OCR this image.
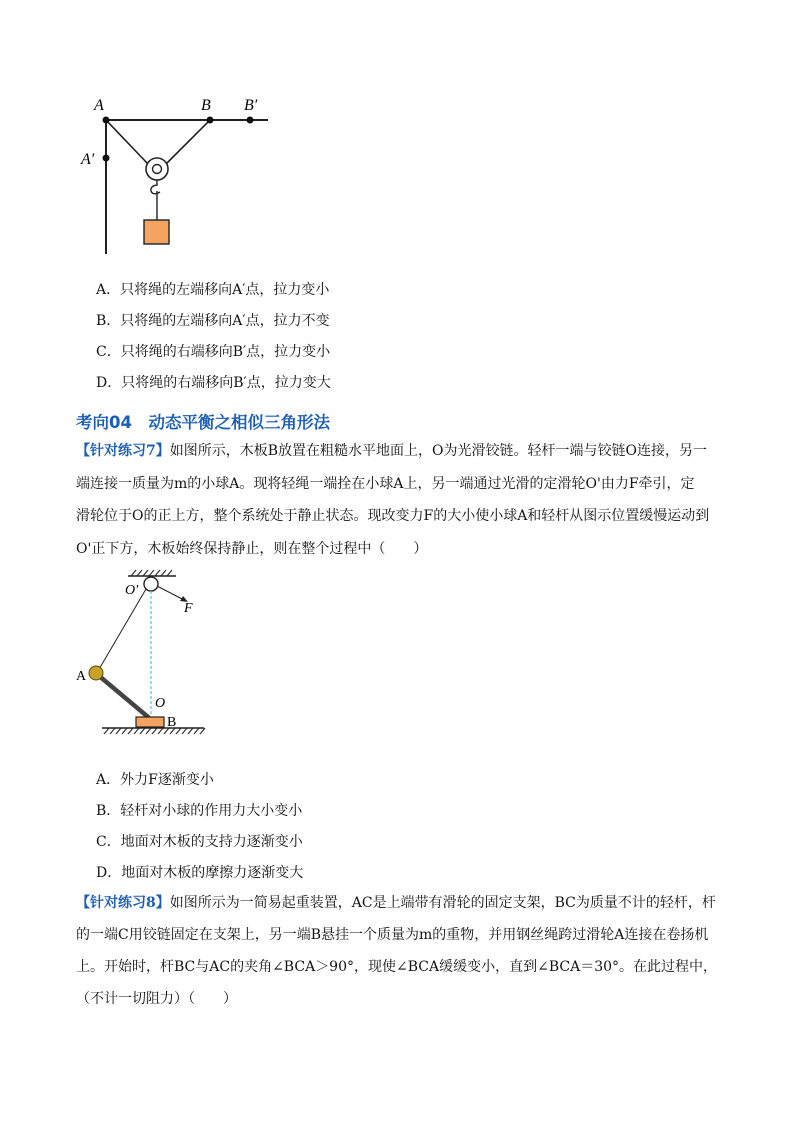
A	B B′
A′
A．只将绳的左端移向A′点，拉力变小
B．只将绳的左端移向A′点，拉力不变
C．只将绳的右端移向B′点，拉力变小
D．只将绳的右端移向B′点，拉力变大
考向04　动态平衡之相似三角形法
【针对练习7】如图所示，木板B放置在粗糙水平地面上，O为光滑铰链。轻杆一端与铰链O连接，另一
端连接一质量为m的小球A。现将轻绳一端拴在小球A上，另一端通过光滑的定滑轮O'由力F牵引，定
滑轮位于O的正上方，整个系统处于静止状态。现改变力F的大小使小球A和轻杆从图示位置缓慢运动到
O'正下方，木板始终保持静止，则在整个过程中（　　）
O'
F
A
O
B
A．外力F逐渐变小
B．轻杆对小球的作用力大小变小
C．地面对木板的支持力逐渐变小
D．地面对木板的摩擦力逐渐变大
【针对练习8】如图所示为一简易起重装置，AC是上端带有滑轮的固定支架，BC为质量不计的轻杆，杆
的一端C用铰链固定在支架上，另一端B悬挂一个质量为m的重物，并用钢丝绳跨过滑轮A连接在卷扬机
上。开始时，杆BC与AC的夹角∠BCA＞90°，现使∠BCA缓缓变小，直到∠BCA＝30°。在此过程中，
（不计一切阻力）（　　）
